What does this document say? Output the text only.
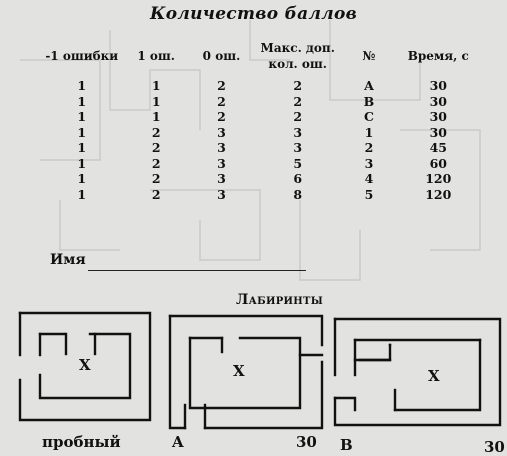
Количество баллов
-1 ошибки	1 ош.	0 ош.	Макс. доп. кол. ош.	№	Время, с
1	1	2	2	A	30
1	1	2	2	B	30
1	1	2	2	C	30
1	2	3	3	1	30
1	2	3	3	2	45
1	2	3	5	3	60
1	2	3	6	4	120
1	2	3	8	5	120
Имя
Лабиринты
X	X	X
пробный	A	30 B	30
